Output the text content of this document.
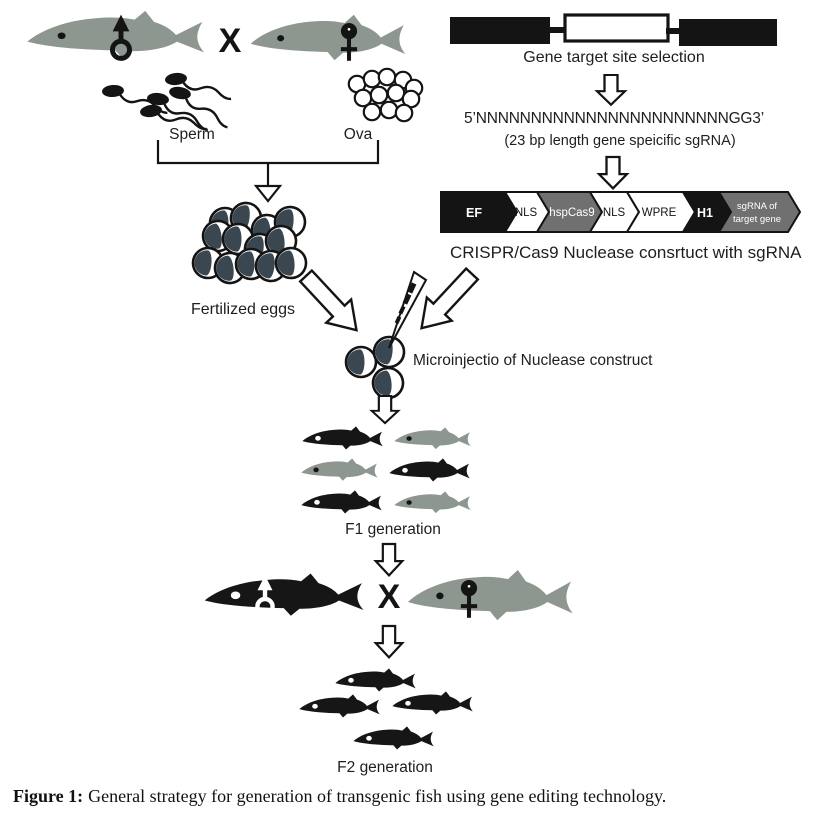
EF	NLS hspCas9 NLS WPRE H1	sgRNA of
target gene
X
Sperm	Ova
Gene target site selection
5’NNNNNNNNNNNNNNNNNNNNNNNGG3’
(23 bp length gene speicific sgRNA)
CRISPR/Cas9 Nuclease consrtuct with sgRNA
Fertilized eggs
Microinjectio of Nuclease construct
F1 generation
X
F2 generation
Figure 1: General strategy for generation of transgenic fish using gene editing technology.
